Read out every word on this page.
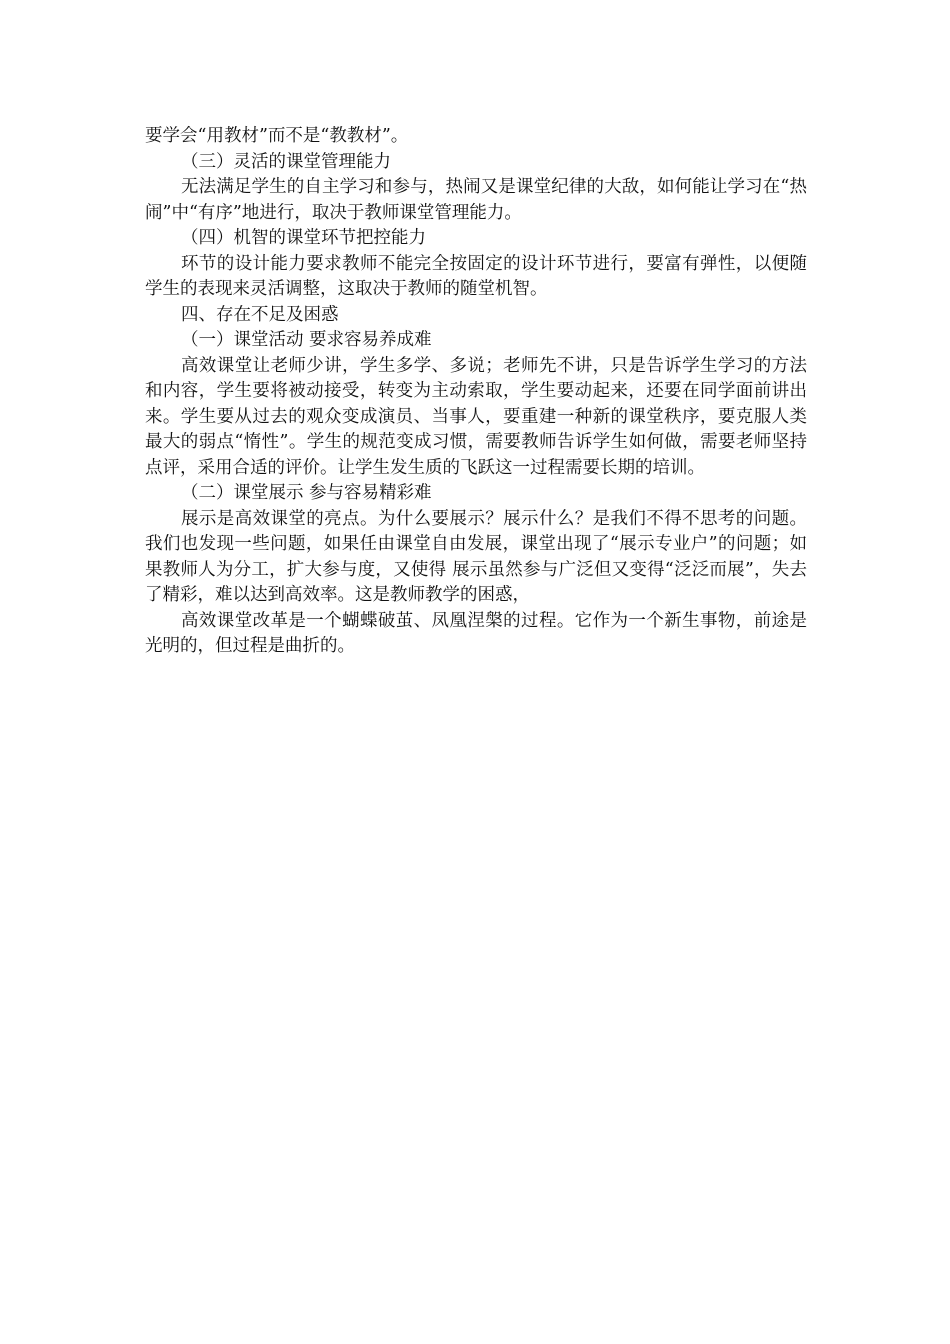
要学会“用教材”而不是“教教材”。

（三）灵活的课堂管理能力

无法满足学生的自主学习和参与，热闹又是课堂纪律的大敌，如何能让学习在“热闹”中“有序”地进行，取决于教师课堂管理能力。

（四）机智的课堂环节把控能力

环节的设计能力要求教师不能完全按固定的设计环节进行，要富有弹性，以便随学生的表现来灵活调整，这取决于教师的随堂机智。

四、存在不足及困惑

（一）课堂活动 要求容易养成难

高效课堂让老师少讲，学生多学、多说；老师先不讲，只是告诉学生学习的方法和内容，学生要将被动接受，转变为主动索取，学生要动起来，还要在同学面前讲出来。学生要从过去的观众变成演员、当事人，要重建一种新的课堂秩序，要克服人类最大的弱点“惰性”。学生的规范变成习惯，需要教师告诉学生如何做，需要老师坚持点评，采用合适的评价。让学生发生质的飞跃这一过程需要长期的培训。

（二）课堂展示 参与容易精彩难

展示是高效课堂的亮点。为什么要展示？展示什么？是我们不得不思考的问题。我们也发现一些问题，如果任由课堂自由发展，课堂出现了“展示专业户”的问题；如果教师人为分工，扩大参与度，又使得 展示虽然参与广泛但又变得“泛泛而展”，失去了精彩，难以达到高效率。这是教师教学的困惑，

高效课堂改革是一个蝴蝶破茧、凤凰涅槃的过程。它作为一个新生事物，前途是光明的，但过程是曲折的。
